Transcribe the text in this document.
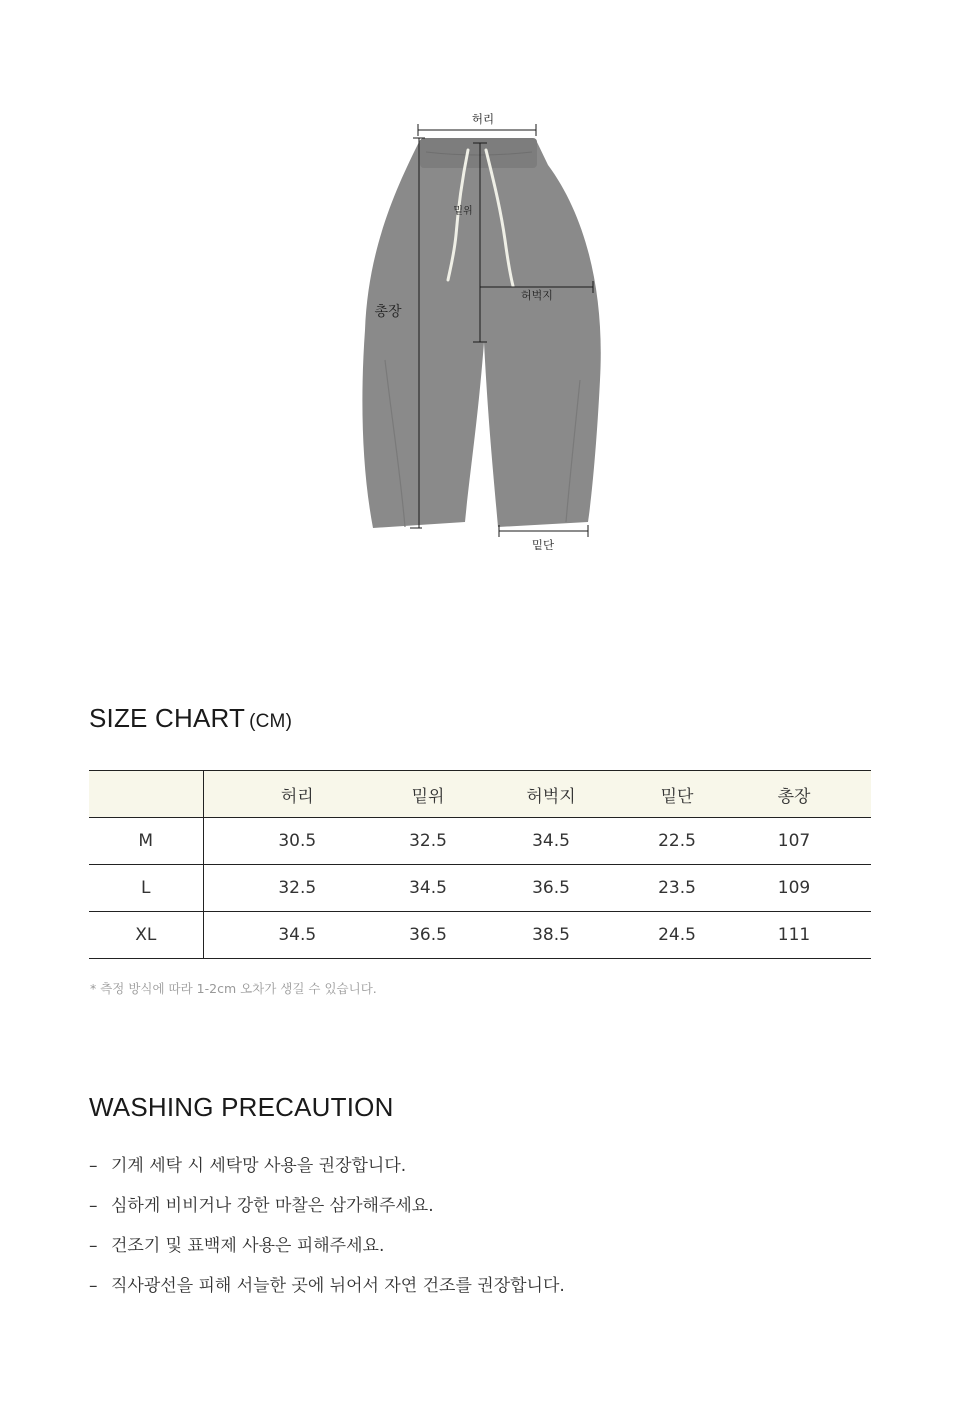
허리
밑위
허벅지
총장
밑단
SIZE CHART (CM)
	허리	밑위	허벅지	밑단	총장
M	30.5	32.5	34.5	22.5	107
L	32.5	34.5	36.5	23.5	109
XL	34.5	36.5	38.5	24.5	111
* 측정 방식에 따라 1-2cm 오차가 생길 수 있습니다.
WASHING PRECAUTION
– 기계 세탁 시 세탁망 사용을 권장합니다.
– 심하게 비비거나 강한 마찰은 삼가해주세요.
– 건조기 및 표백제 사용은 피해주세요.
– 직사광선을 피해 서늘한 곳에 뉘어서 자연 건조를 권장합니다.
